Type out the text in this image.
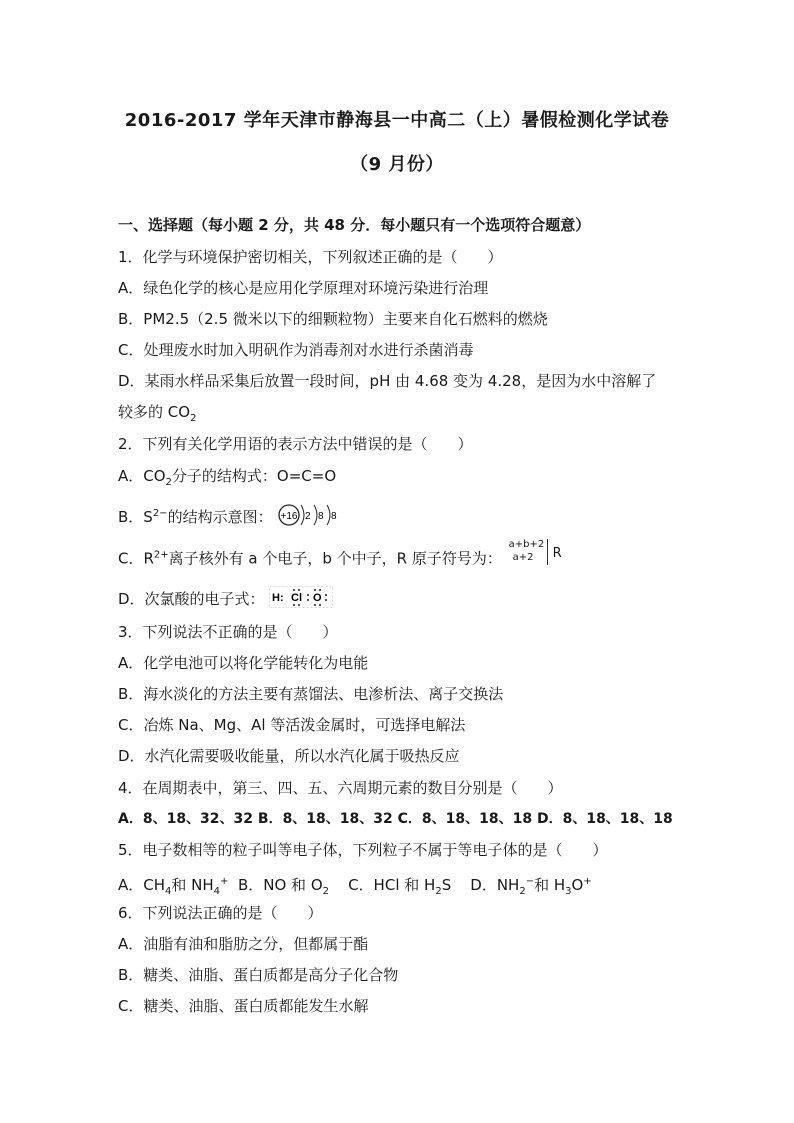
2016-2017 学年天津市静海县一中高二（上）暑假检测化学试卷
（9 月份）
一、选择题（每小题 2 分，共 48 分．每小题只有一个选项符合题意）
1．化学与环境保护密切相关，下列叙述正确的是（　　）
A．绿色化学的核心是应用化学原理对环境污染进行治理
B．PM2.5（2.5 微米以下的细颗粒物）主要来自化石燃料的燃烧
C．处理废水时加入明矾作为消毒剂对水进行杀菌消毒
D．某雨水样品采集后放置一段时间，pH 由 4.68 变为 4.28，是因为水中溶解了
较多的 $CO_2$
2．下列有关化学用语的表示方法中错误的是（　　）
A．$CO_2$分子的结构式：O=C=O
B．$S^{2-}$的结构示意图： +16 2 8 8
C．$R^{2+}$离子核外有 a 个电子，b 个中子，R 原子符号为：
a+b+2
a+2 R
D．次氯酸的电子式： H: Cl O
3．下列说法不正确的是（　　）
A．化学电池可以将化学能转化为电能
B．海水淡化的方法主要有蒸馏法、电渗析法、离子交换法
C．冶炼 Na、Mg、Al 等活泼金属时，可选择电解法
D．水汽化需要吸收能量，所以水汽化属于吸热反应
4．在周期表中，第三、四、五、六周期元素的数目分别是（　　）
A．8、18、32、32 B．8、18、18、32 C．8、18、18、18 D．8、18、18、18
5．电子数相等的粒子叫等电子体，下列粒子不属于等电子体的是（　　）
A．$CH_4$和 $NH_4^+$  B．NO 和 $O_2$    C．HCl 和 $H_2S$    D．$NH_2^-$和 $H_3O^+$
6．下列说法正确的是（　　）
A．油脂有油和脂肪之分，但都属于酯
B．糖类、油脂、蛋白质都是高分子化合物
C．糖类、油脂、蛋白质都能发生水解
